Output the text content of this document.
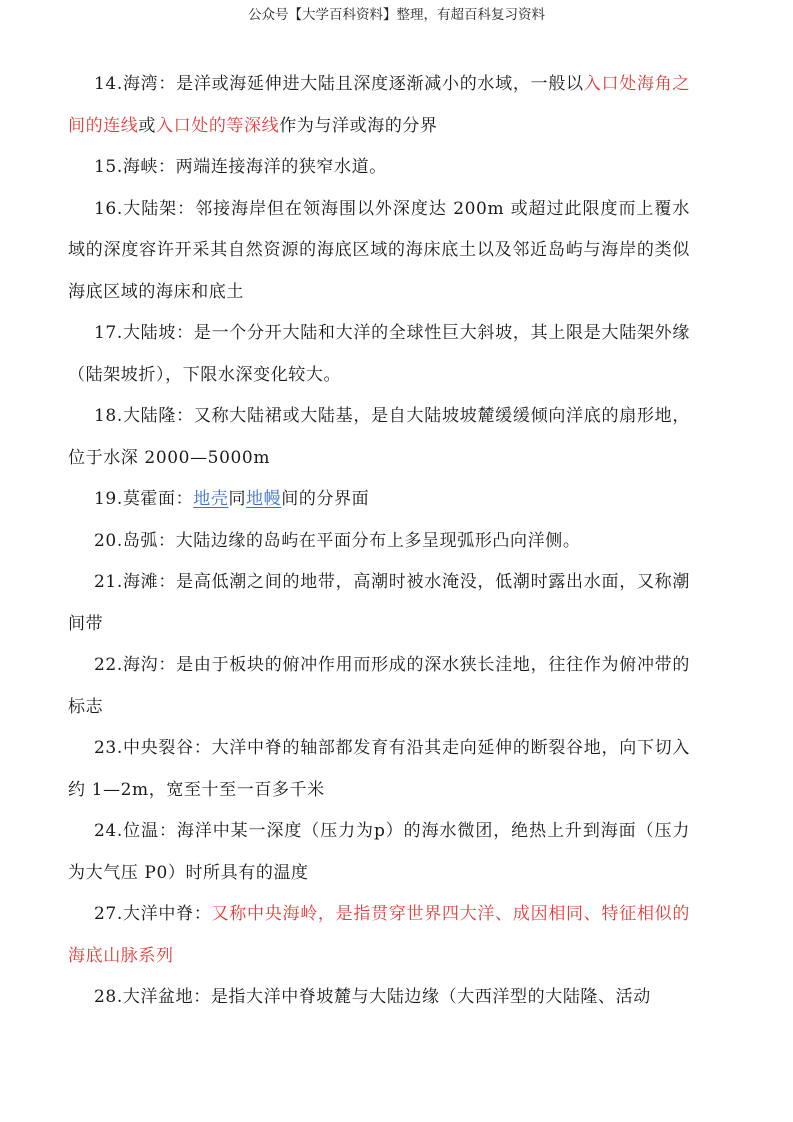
公众号【大学百科资料】整理，有超百科复习资料

14.海湾：是洋或海延伸进大陆且深度逐渐减小的水域，一般以入口处海角之间的连线或入口处的等深线作为与洋或海的分界

15.海峡：两端连接海洋的狭窄水道。

16.大陆架：邻接海岸但在领海围以外深度达 200m 或超过此限度而上覆水域的深度容许开采其自然资源的海底区域的海床底土以及邻近岛屿与海岸的类似海底区域的海床和底土

17.大陆坡：是一个分开大陆和大洋的全球性巨大斜坡，其上限是大陆架外缘（陆架坡折），下限水深变化较大。

18.大陆隆：又称大陆裙或大陆基，是自大陆坡坡麓缓缓倾向洋底的扇形地，位于水深 2000—5000m

19.莫霍面：地壳同地幔间的分界面

20.岛弧：大陆边缘的岛屿在平面分布上多呈现弧形凸向洋侧。

21.海滩：是高低潮之间的地带，高潮时被水淹没，低潮时露出水面，又称潮间带

22.海沟：是由于板块的俯冲作用而形成的深水狭长洼地，往往作为俯冲带的标志

23.中央裂谷：大洋中脊的轴部都发育有沿其走向延伸的断裂谷地，向下切入约 1—2m，宽至十至一百多千米

24.位温：海洋中某一深度（压力为p）的海水微团，绝热上升到海面（压力为大气压 P0）时所具有的温度

27.大洋中脊：又称中央海岭，是指贯穿世界四大洋、成因相同、特征相似的海底山脉系列

28.大洋盆地：是指大洋中脊坡麓与大陆边缘（大西洋型的大陆隆、活动
